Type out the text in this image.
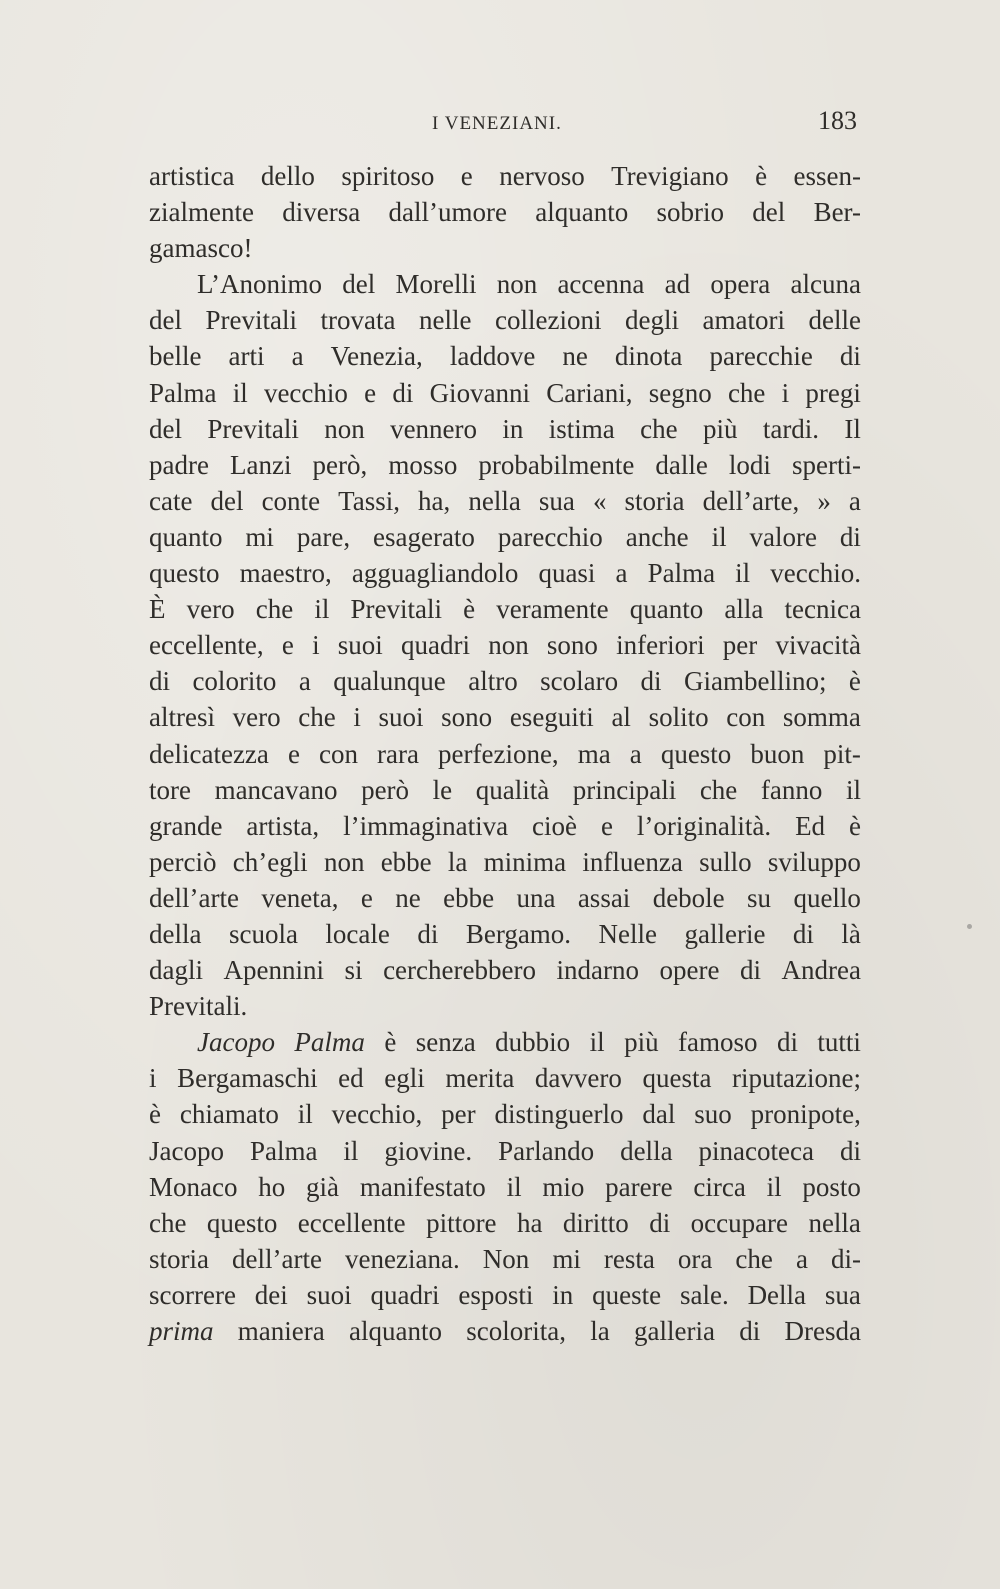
I VENEZIANI.	183
artistica dello spiritoso e nervoso Trevigiano è essen-
zialmente diversa dall’umore alquanto sobrio del Ber-
gamasco!
L’Anonimo del Morelli non accenna ad opera alcuna
del Previtali trovata nelle collezioni degli amatori delle
belle arti a Venezia, laddove ne dinota parecchie di
Palma il vecchio e di Giovanni Cariani, segno che i pregi
del Previtali non vennero in istima che più tardi. Il
padre Lanzi però, mosso probabilmente dalle lodi sperti-
cate del conte Tassi, ha, nella sua « storia dell’arte, » a
quanto mi pare, esagerato parecchio anche il valore di
questo maestro, agguagliandolo quasi a Palma il vecchio.
È vero che il Previtali è veramente quanto alla tecnica
eccellente, e i suoi quadri non sono inferiori per vivacità
di colorito a qualunque altro scolaro di Giambellino; è
altresì vero che i suoi sono eseguiti al solito con somma
delicatezza e con rara perfezione, ma a questo buon pit-
tore mancavano però le qualità principali che fanno il
grande artista, l’immaginativa cioè e l’originalità. Ed è
perciò ch’egli non ebbe la minima influenza sullo sviluppo
dell’arte veneta, e ne ebbe una assai debole su quello
della scuola locale di Bergamo. Nelle gallerie di là
dagli Apennini si cercherebbero indarno opere di Andrea
Previtali.
Jacopo Palma è senza dubbio il più famoso di tutti
i Bergamaschi ed egli merita davvero questa riputazione;
è chiamato il vecchio, per distinguerlo dal suo pronipote,
Jacopo Palma il giovine. Parlando della pinacoteca di
Monaco ho già manifestato il mio parere circa il posto
che questo eccellente pittore ha diritto di occupare nella
storia dell’arte veneziana. Non mi resta ora che a di-
scorrere dei suoi quadri esposti in queste sale. Della sua
prima maniera alquanto scolorita, la galleria di Dresda
